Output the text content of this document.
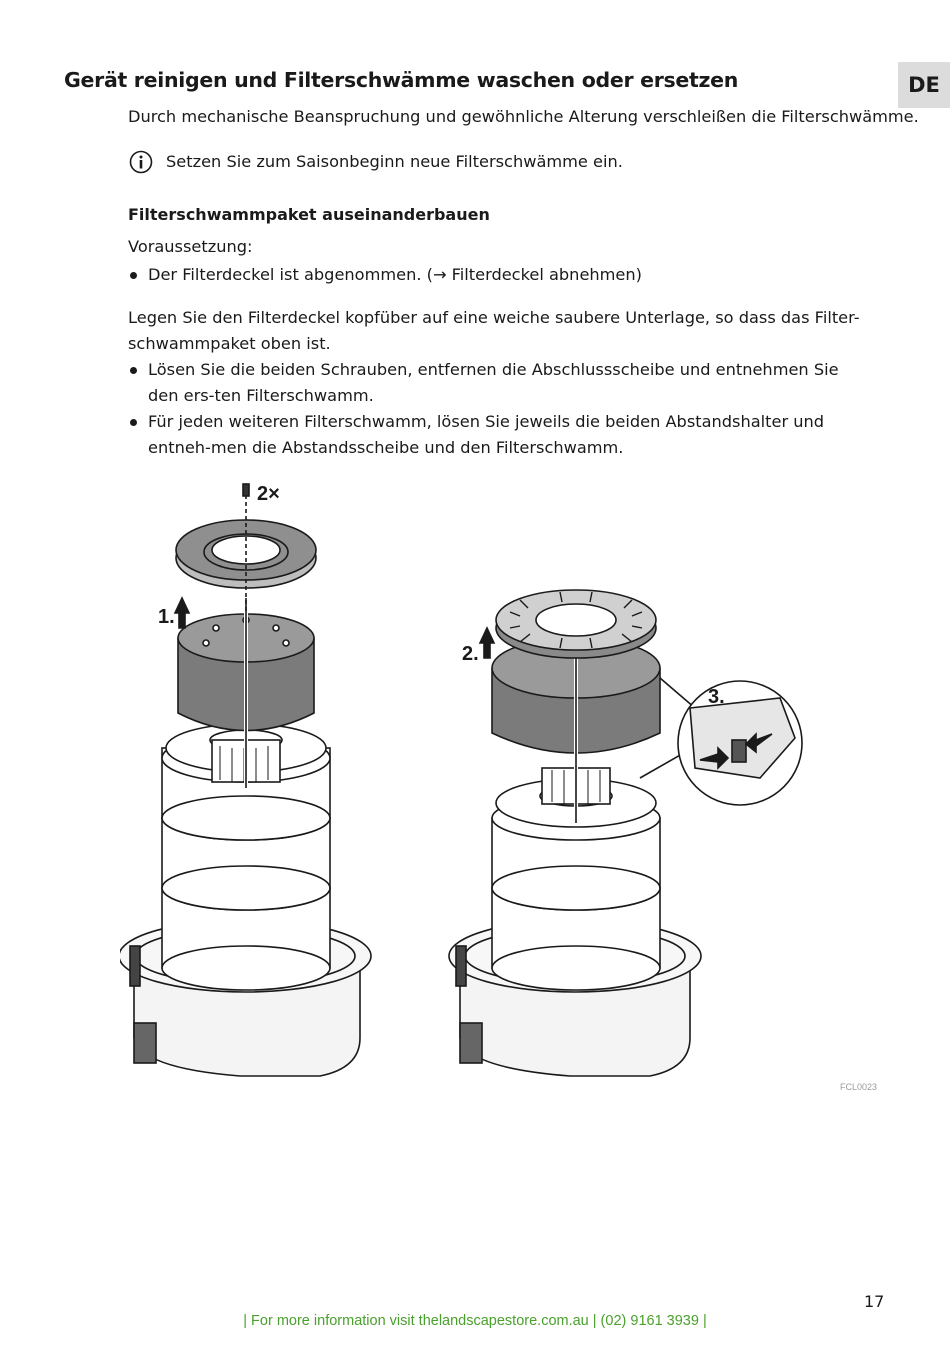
DE
Gerät reinigen und Filterschwämme waschen oder ersetzen
Durch mechanische Beanspruchung und gewöhnliche Alterung verschleißen die Filterschwämme.
Setzen Sie zum Saisonbeginn neue Filterschwämme ein.
Filterschwammpaket auseinanderbauen
Voraussetzung:
Der Filterdeckel ist abgenommen. (→ Filterdeckel abnehmen)
Legen Sie den Filterdeckel kopfüber auf eine weiche saubere Unterlage, so dass das Filter-schwammpaket oben ist.
Lösen Sie die beiden Schrauben, entfernen die Abschlussscheibe und entnehmen Sie den ers-ten Filterschwamm.
Für jeden weiteren Filterschwamm, lösen Sie jeweils die beiden Abstandshalter und entneh-men die Abstandsscheibe und den Filterschwamm.
2×
1.
2.
3.
FCL0023
17
| For more information visit thelandscapestore.com.au | (02) 9161 3939 |
